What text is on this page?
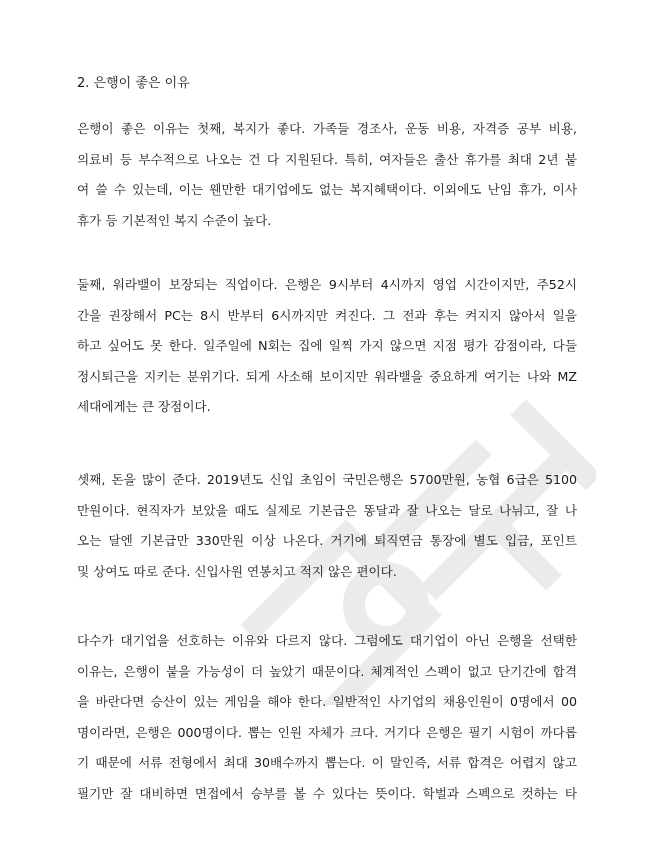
2. 은행이 좋은 이유
은행이 좋은 이유는 첫째, 복지가 좋다. 가족들 경조사, 운동 비용, 자격증 공부 비용,
의료비 등 부수적으로 나오는 건 다 지원된다. 특히, 여자들은 출산 휴가를 최대 2년 붙
여 쓸 수 있는데, 이는 웬만한 대기업에도 없는 복지혜택이다. 이외에도 난임 휴가, 이사
휴가 등 기본적인 복지 수준이 높다.
둘째, 워라밸이 보장되는 직업이다. 은행은 9시부터 4시까지 영업 시간이지만, 주52시
간을 권장해서 PC는 8시 반부터 6시까지만 켜진다. 그 전과 후는 켜지지 않아서 일을
하고 싶어도 못 한다. 일주일에 N회는 집에 일찍 가지 않으면 지점 평가 감점이라, 다들
정시퇴근을 지키는 분위기다. 되게 사소해 보이지만 워라밸을 중요하게 여기는 나와 MZ
세대에게는 큰 장점이다.
셋째, 돈을 많이 준다. 2019년도 신입 초임이 국민은행은 5700만원, 농협 6급은 5100
만원이다. 현직자가 보았을 때도 실제로 기본급은 똥달과 잘 나오는 달로 나뉘고, 잘 나
오는 달엔 기본급만 330만원 이상 나온다. 거기에 퇴직연금 통장에 별도 입금, 포인트
및 상여도 따로 준다. 신입사원 연봉치고 적지 않은 편이다.
다수가 대기업을 선호하는 이유와 다르지 않다. 그럼에도 대기업이 아닌 은행을 선택한
이유는, 은행이 붙을 가능성이 더 높았기 때문이다. 체계적인 스펙이 없고 단기간에 합격
을 바란다면 승산이 있는 게임을 해야 한다. 일반적인 사기업의 채용인원이 0명에서 00
명이라면, 은행은 000명이다. 뽑는 인원 자체가 크다. 거기다 은행은 필기 시험이 까다롭
기 때문에 서류 전형에서 최대 30배수까지 뽑는다. 이 말인즉, 서류 합격은 어렵지 않고
필기만 잘 대비하면 면접에서 승부를 볼 수 있다는 뜻이다. 학벌과 스펙으로 컷하는 타
